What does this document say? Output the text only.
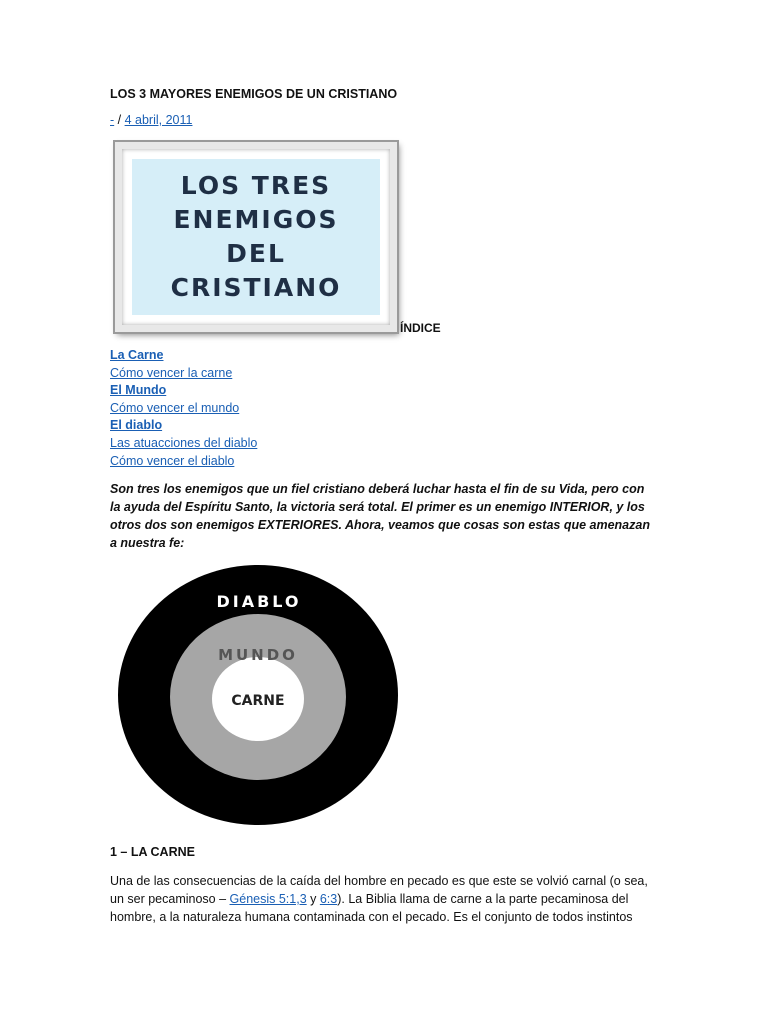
LOS 3 MAYORES ENEMIGOS DE UN CRISTIANO
- / 4 abril, 2011
LOS TRES
ENEMIGOS
DEL
CRISTIANO
ÍNDICE
La Carne
Cómo vencer la carne
El Mundo
Cómo vencer el mundo
El diablo
Las atuacciones del diablo
Cómo vencer el diablo
Son tres los enemigos que un fiel cristiano deberá luchar hasta el fin de su Vida, pero con la ayuda del Espíritu Santo, la victoria será total. El primer es un enemigo INTERIOR, y los otros dos son enemigos EXTERIORES. Ahora, veamos que cosas son estas que amenazan a nuestra fe:
DIABLO
MUNDO
CARNE
1 – LA CARNE
Una de las consecuencias de la caída del hombre en pecado es que este se volvió carnal (o sea, un ser pecaminoso – Génesis 5:1,3 y 6:3). La Biblia llama de carne a la parte pecaminosa del hombre, a la naturaleza humana contaminada con el pecado. Es el conjunto de todos instintos
